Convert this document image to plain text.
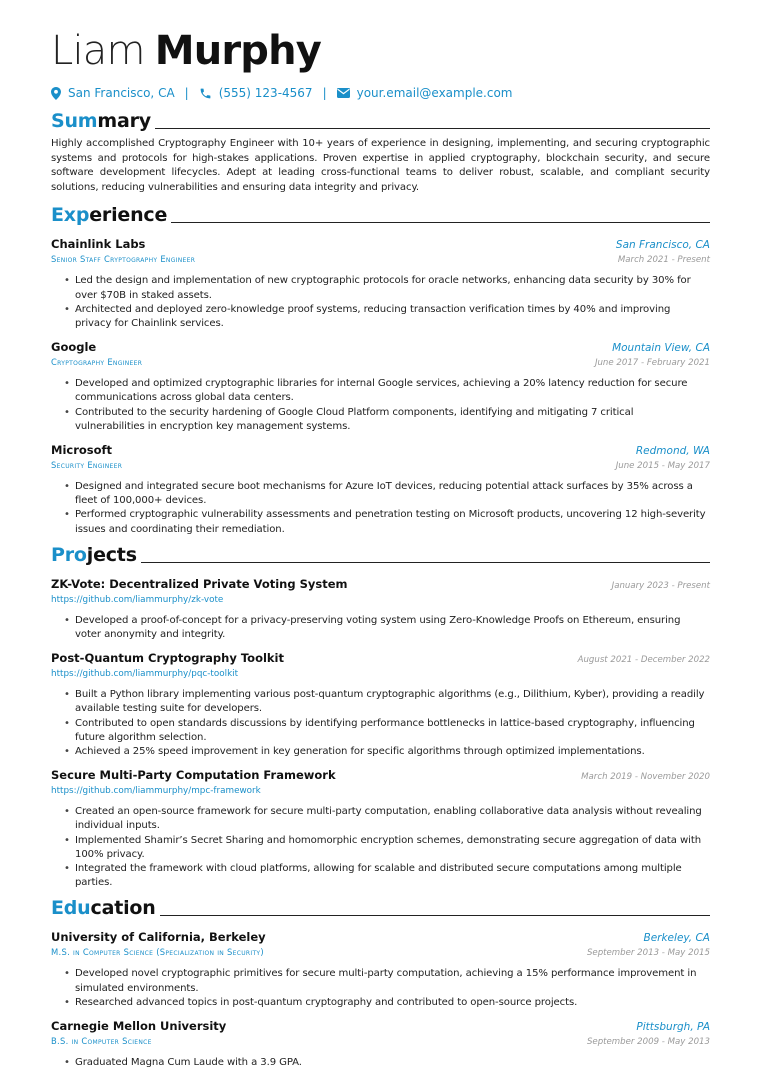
Liam Murphy
San Francisco, CA |	(555) 123-4567 |	your.email@example.com
Summary
Highly accomplished Cryptography Engineer with 10+ years of experience in designing, implementing, and securing cryptographic systems and protocols for high-stakes applications. Proven expertise in applied cryptography, blockchain security, and secure software development lifecycles. Adept at leading cross-functional teams to deliver robust, scalable, and compliant security solutions, reducing vulnerabilities and ensuring data integrity and privacy.
Experience
Chainlink Labs	San Francisco, CA
Senior Staff Cryptography Engineer	March 2021 - Present
• Led the design and implementation of new cryptographic protocols for oracle networks, enhancing data security by 30% for over $70B in staked assets.
• Architected and deployed zero-knowledge proof systems, reducing transaction verification times by 40% and improving privacy for Chainlink services.
Google	Mountain View, CA
Cryptography Engineer	June 2017 - February 2021
• Developed and optimized cryptographic libraries for internal Google services, achieving a 20% latency reduction for secure communications across global data centers.
• Contributed to the security hardening of Google Cloud Platform components, identifying and mitigating 7 critical vulnerabilities in encryption key management systems.
Microsoft	Redmond, WA
Security Engineer	June 2015 - May 2017
• Designed and integrated secure boot mechanisms for Azure IoT devices, reducing potential attack surfaces by 35% across a fleet of 100,000+ devices.
• Performed cryptographic vulnerability assessments and penetration testing on Microsoft products, uncovering 12 high-severity issues and coordinating their remediation.
Projects
ZK-Vote: Decentralized Private Voting System	January 2023 - Present
https://github.com/liammurphy/zk-vote
• Developed a proof-of-concept for a privacy-preserving voting system using Zero-Knowledge Proofs on Ethereum, ensuring voter anonymity and integrity.
Post-Quantum Cryptography Toolkit	August 2021 - December 2022
https://github.com/liammurphy/pqc-toolkit
• Built a Python library implementing various post-quantum cryptographic algorithms (e.g., Dilithium, Kyber), providing a readily available testing suite for developers.
• Contributed to open standards discussions by identifying performance bottlenecks in lattice-based cryptography, influencing future algorithm selection.
• Achieved a 25% speed improvement in key generation for specific algorithms through optimized implementations.
Secure Multi-Party Computation Framework	March 2019 - November 2020
https://github.com/liammurphy/mpc-framework
• Created an open-source framework for secure multi-party computation, enabling collaborative data analysis without revealing individual inputs.
• Implemented Shamir’s Secret Sharing and homomorphic encryption schemes, demonstrating secure aggregation of data with 100% privacy.
• Integrated the framework with cloud platforms, allowing for scalable and distributed secure computations among multiple parties.
Education
University of California, Berkeley	Berkeley, CA
M.S. in Computer Science (Specialization in Security)	September 2013 - May 2015
• Developed novel cryptographic primitives for secure multi-party computation, achieving a 15% performance improvement in simulated environments.
• Researched advanced topics in post-quantum cryptography and contributed to open-source projects.
Carnegie Mellon University	Pittsburgh, PA
B.S. in Computer Science	September 2009 - May 2013
• Graduated Magna Cum Laude with a 3.9 GPA.
